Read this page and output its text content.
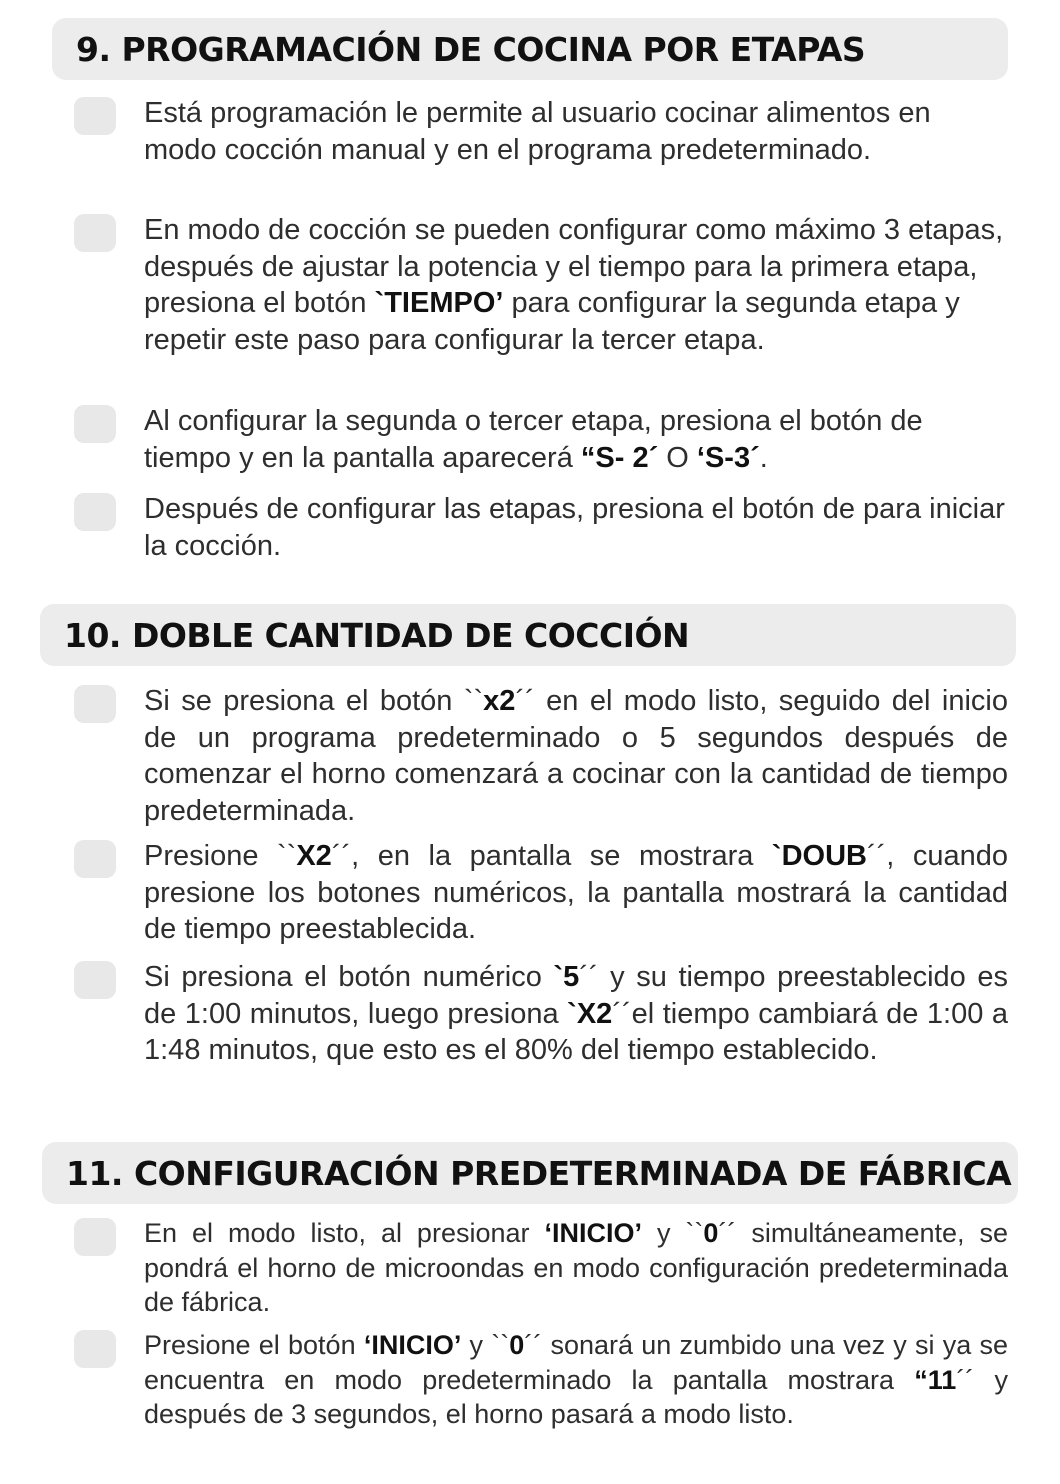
9. PROGRAMACIÓN DE COCINA POR ETAPAS
Está programación le permite al usuario cocinar alimentos en modo cocción manual y en el programa predeterminado.
En modo de cocción se pueden configurar como máximo 3 etapas, después de ajustar la potencia y el tiempo para la primera etapa, presiona el botón `TIEMPO’ para configurar la segunda etapa y repetir este paso para configurar la tercer etapa.
Al configurar la segunda o tercer etapa, presiona el botón de tiempo y en la pantalla aparecerá “S- 2´ O ‘S-3´.
Después de configurar las etapas, presiona el botón de para iniciar la cocción.
10. DOBLE CANTIDAD DE COCCIÓN
Si se presiona el botón ``x2´´ en el modo listo, seguido del inicio de un programa predeterminado o 5 segundos después de comenzar el horno comenzará a cocinar con la cantidad de tiempo predeterminada.
Presione ``X2´´, en la pantalla se mostrara `DOUB´´, cuando presione los botones numéricos, la pantalla mostrará la cantidad de tiempo preestablecida.
Si presiona el botón numérico `5´´ y su tiempo preestablecido es de 1:00 minutos, luego presiona `X2´´el tiempo cambiará de 1:00 a 1:48 minutos, que esto es el 80% del tiempo establecido.
11. CONFIGURACIÓN PREDETERMINADA DE FÁBRICA
En el modo listo, al presionar ‘INICIO’ y ``0´´ simultáneamente, se pondrá el horno de microondas en modo configuración predeterminada de fábrica.
Presione el botón ‘INICIO’ y ``0´´ sonará un zumbido una vez y si ya se encuentra en modo predeterminado la pantalla mostrara “11´´ y después de 3 segundos, el horno pasará a modo listo.
